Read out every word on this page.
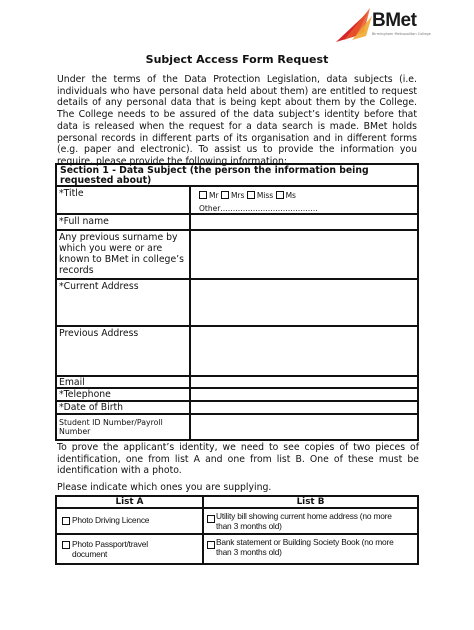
BMet
Birmingham Metropolitan College
Subject Access Form Request
Under the terms of the Data Protection Legislation, data subjects (i.e. individuals who have personal data held about them) are entitled to request details of any personal data that is being kept about them by the College. The College needs to be assured of the data subject’s identity before that data is released when the request for a data search is made. BMet holds personal records in different parts of its organisation and in different forms (e.g. paper and electronic). To assist us to provide the information you require, please provide the following information:
Section 1 - Data Subject (the person the information being requested about)
*Title	Mr Mrs Miss Ms
Other…………………………………
*Full name
Any previous surname by which you were or are known to BMet in college’s records
*Current Address
Previous Address
Email
*Telephone
*Date of Birth
Student ID Number/Payroll Number
To prove the applicant’s identity, we need to see copies of two pieces of identification, one from list A and one from list B. One of these must be identification with a photo.
Please indicate which ones you are supplying.
List A	List B
Photo Driving Licence
Photo Passport/travel document
Utility bill showing current home address (no more than 3 months old)
Bank statement or Building Society Book (no more than 3 months old)
